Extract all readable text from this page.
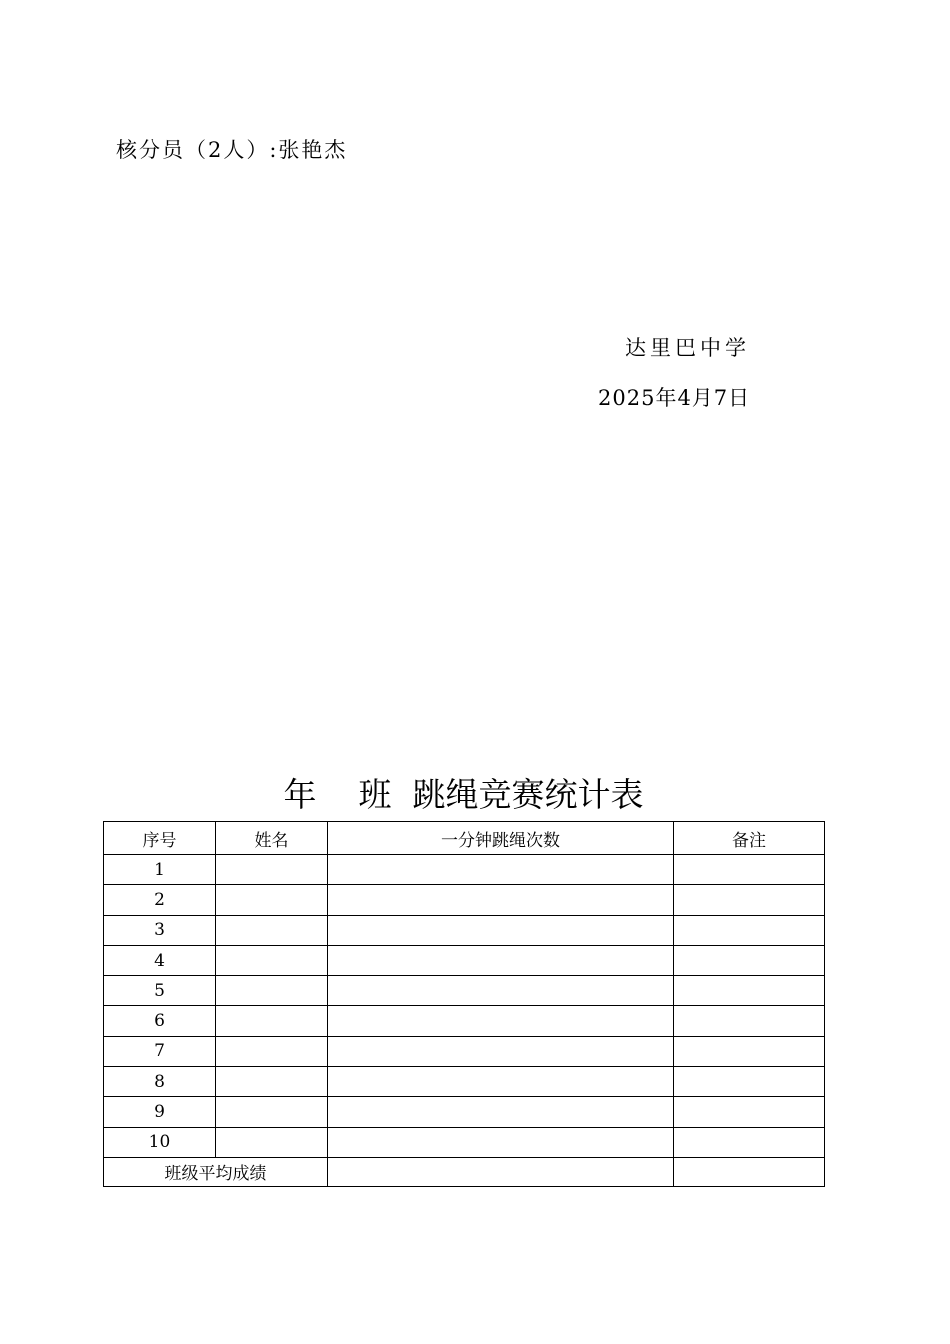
核分员（2人）:张艳杰
达里巴中学
2025年4月7日
年    班  跳绳竞赛统计表
序号	姓名	一分钟跳绳次数	备注
1			
2			
3			
4			
5			
6			
7			
8			
9			
10			
班级平均成绩			
